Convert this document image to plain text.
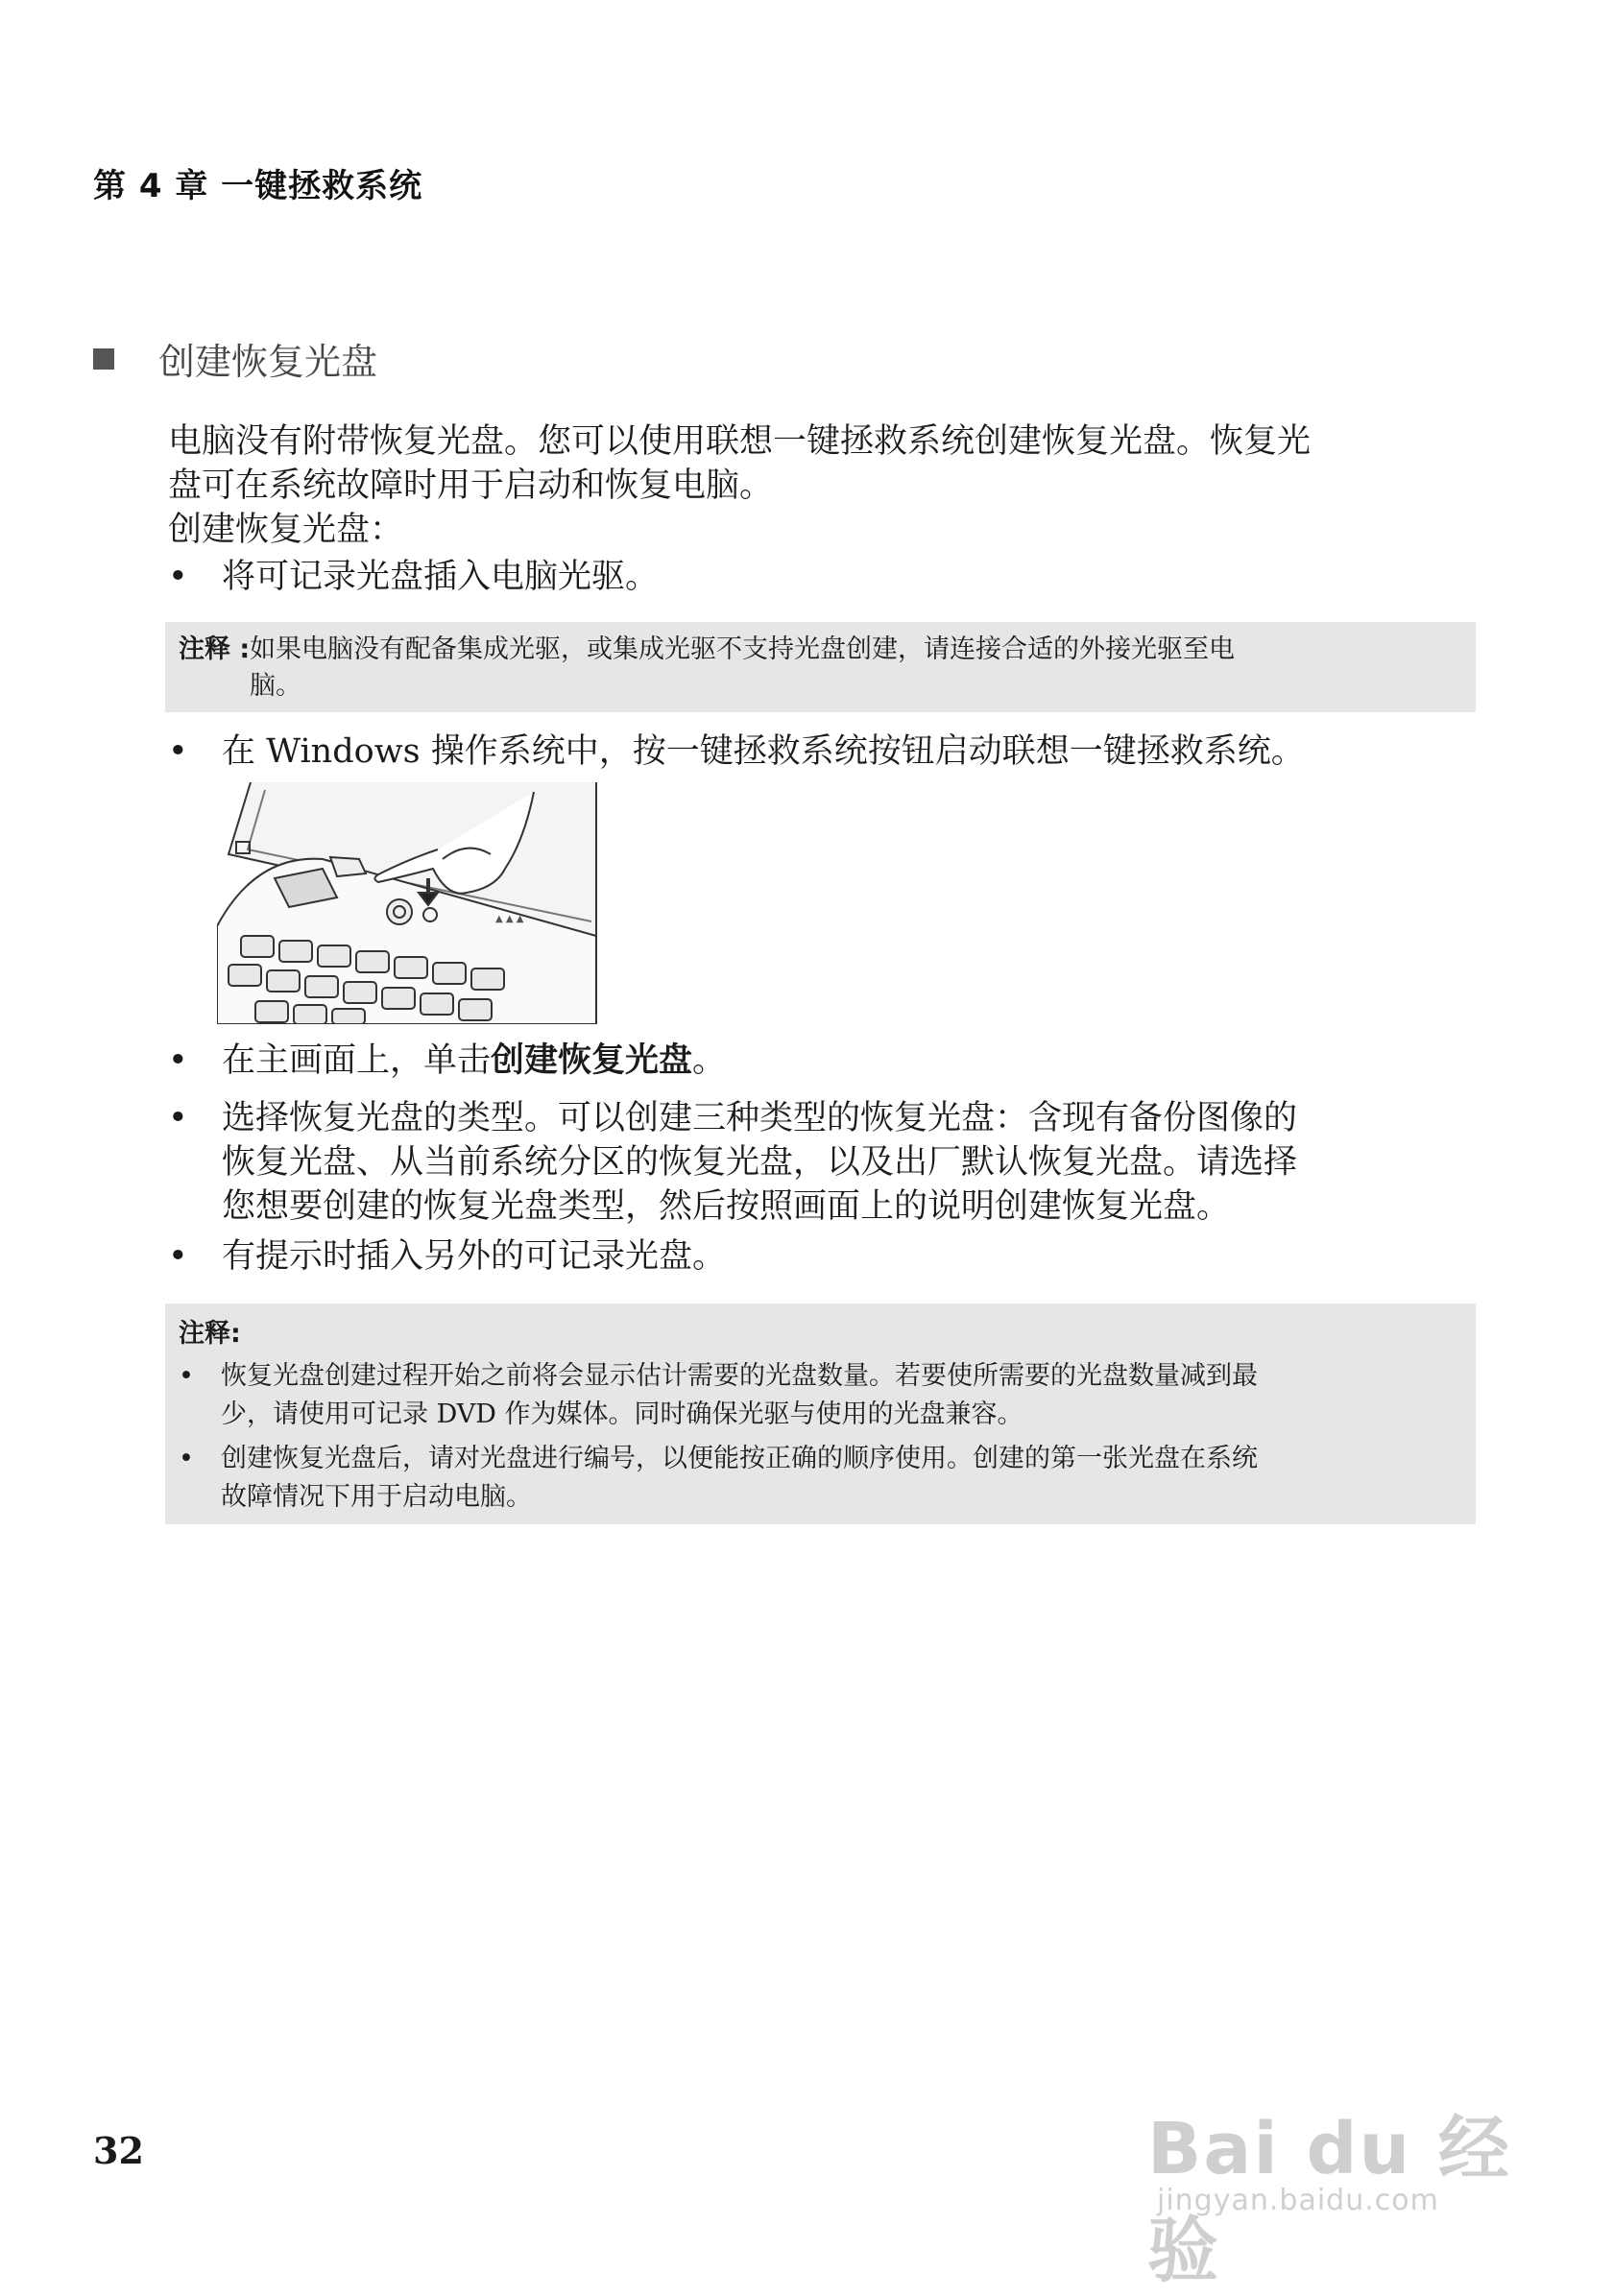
第 4 章 一键拯救系统
创建恢复光盘
电脑没有附带恢复光盘。您可以使用联想一键拯救系统创建恢复光盘。恢复光
盘可在系统故障时用于启动和恢复电脑。
创建恢复光盘：
• 将可记录光盘插入电脑光驱。
注释 : 如果电脑没有配备集成光驱，或集成光驱不支持光盘创建，请连接合适的外接光驱至电
脑。
• 在 Windows 操作系统中，按一键拯救系统按钮启动联想一键拯救系统。
▲ ▲ ▲
• 在主画面上，单击创建恢复光盘。
• 选择恢复光盘的类型。可以创建三种类型的恢复光盘：含现有备份图像的
恢复光盘、从当前系统分区的恢复光盘，以及出厂默认恢复光盘。请选择
您想要创建的恢复光盘类型，然后按照画面上的说明创建恢复光盘。
• 有提示时插入另外的可记录光盘。
注释:
• 恢复光盘创建过程开始之前将会显示估计需要的光盘数量。若要使所需要的光盘数量减到最
少，请使用可记录 DVD 作为媒体。同时确保光驱与使用的光盘兼容。
• 创建恢复光盘后，请对光盘进行编号，以便能按正确的顺序使用。创建的第一张光盘在系统
故障情况下用于启动电脑。
32	Bai du 经验
jingyan.baidu.com
